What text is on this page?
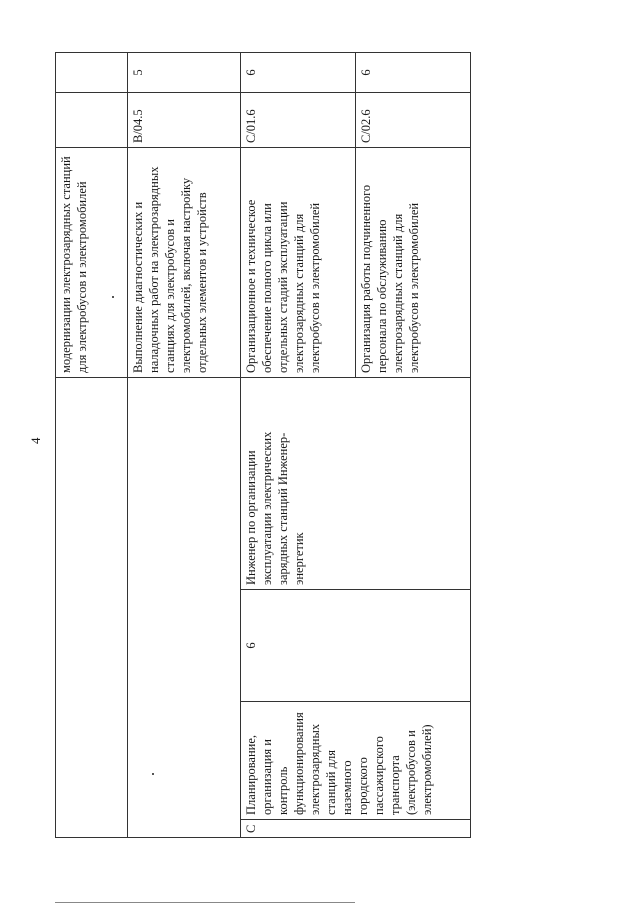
4
				модернизации электрозарядных станций для электробусов и электромобилей		
				Выполнение диагностических и наладочных работ на электрозарядных станциях для электробусов и электромобилей, включая настройку отдельных элементов и устройств	B/04.5	5
С	Планирование, организация и контроль функционирования электрозарядных станций для наземного городского пассажирского транспорта (электробусов и электромобилей)	6	Инженер по организации эксплуатации электрических зарядных станций Инженер-энергетик	Организационное и техническое обеспечение полного цикла или отдельных стадий эксплуатации электрозарядных станций для электробусов и электромобилей	C/01.6	6
				Организация работы подчиненного персонала по обслуживанию электрозарядных станций для электробусов и электромобилей	C/02.6	6
